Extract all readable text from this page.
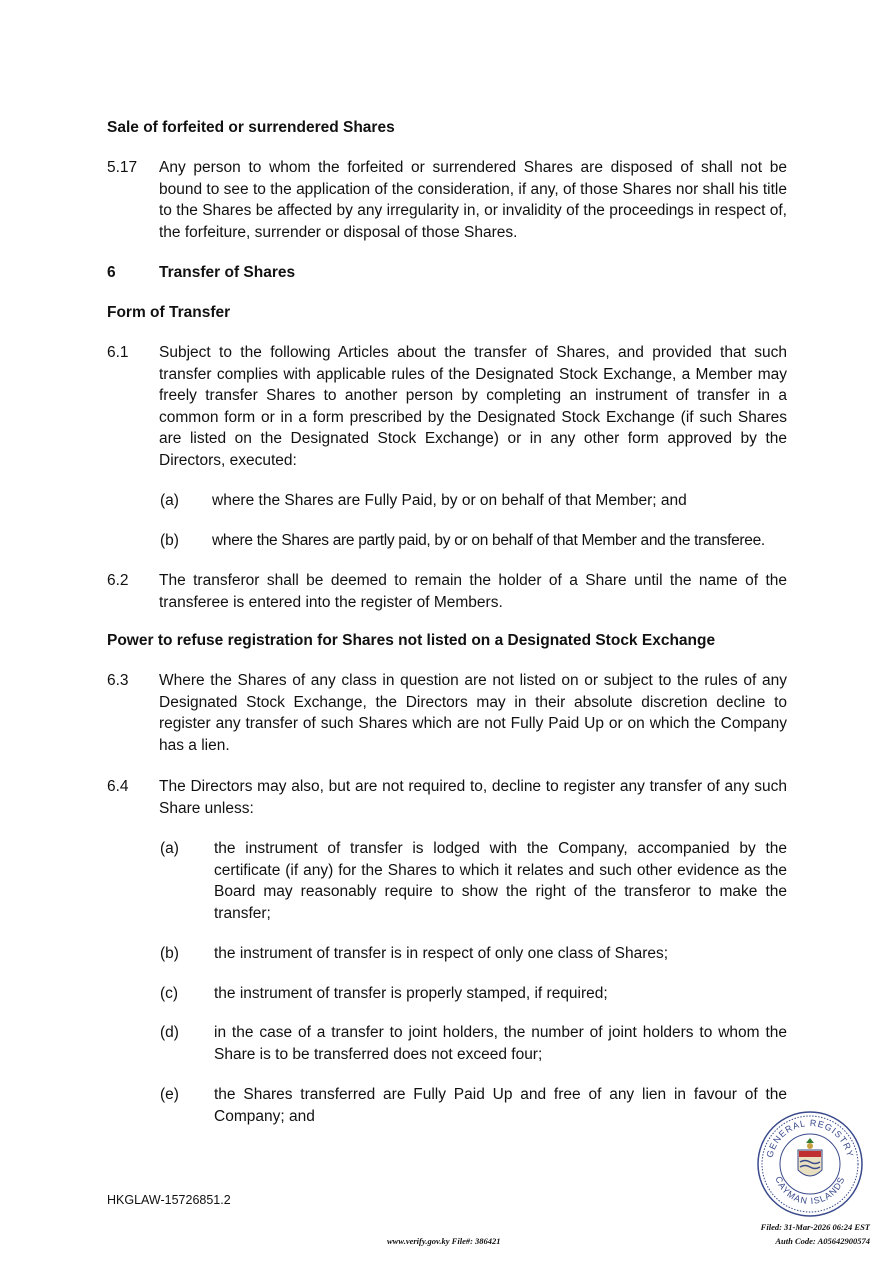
Sale of forfeited or surrendered Shares
5.17 Any person to whom the forfeited or surrendered Shares are disposed of shall not be bound to see to the application of the consideration, if any, of those Shares nor shall his title to the Shares be affected by any irregularity in, or invalidity of the proceedings in respect of, the forfeiture, surrender or disposal of those Shares.
6	Transfer of Shares
Form of Transfer
6.1 Subject to the following Articles about the transfer of Shares, and provided that such transfer complies with applicable rules of the Designated Stock Exchange, a Member may freely transfer Shares to another person by completing an instrument of transfer in a common form or in a form prescribed by the Designated Stock Exchange (if such Shares are listed on the Designated Stock Exchange) or in any other form approved by the Directors, executed:
(a) where the Shares are Fully Paid, by or on behalf of that Member; and
(b) where the Shares are partly paid, by or on behalf of that Member and the transferee.
6.2 The transferor shall be deemed to remain the holder of a Share until the name of the transferee is entered into the register of Members.
Power to refuse registration for Shares not listed on a Designated Stock Exchange
6.3 Where the Shares of any class in question are not listed on or subject to the rules of any Designated Stock Exchange, the Directors may in their absolute discretion decline to register any transfer of such Shares which are not Fully Paid Up or on which the Company has a lien.
6.4 The Directors may also, but are not required to, decline to register any transfer of any such Share unless:
(a) the instrument of transfer is lodged with the Company, accompanied by the certificate (if any) for the Shares to which it relates and such other evidence as the Board may reasonably require to show the right of the transferor to make the transfer;
(b) the instrument of transfer is in respect of only one class of Shares;
(c) the instrument of transfer is properly stamped, if required;
(d) in the case of a transfer to joint holders, the number of joint holders to whom the Share is to be transferred does not exceed four;
(e) the Shares transferred are Fully Paid Up and free of any lien in favour of the Company; and
HKGLAW-15726851.2
www.verify.gov.ky File#: 386421
Filed: 31-Mar-2026 06:24 EST
Auth Code: A05642900574
GENERAL REGISTRY
CAYMAN ISLANDS
